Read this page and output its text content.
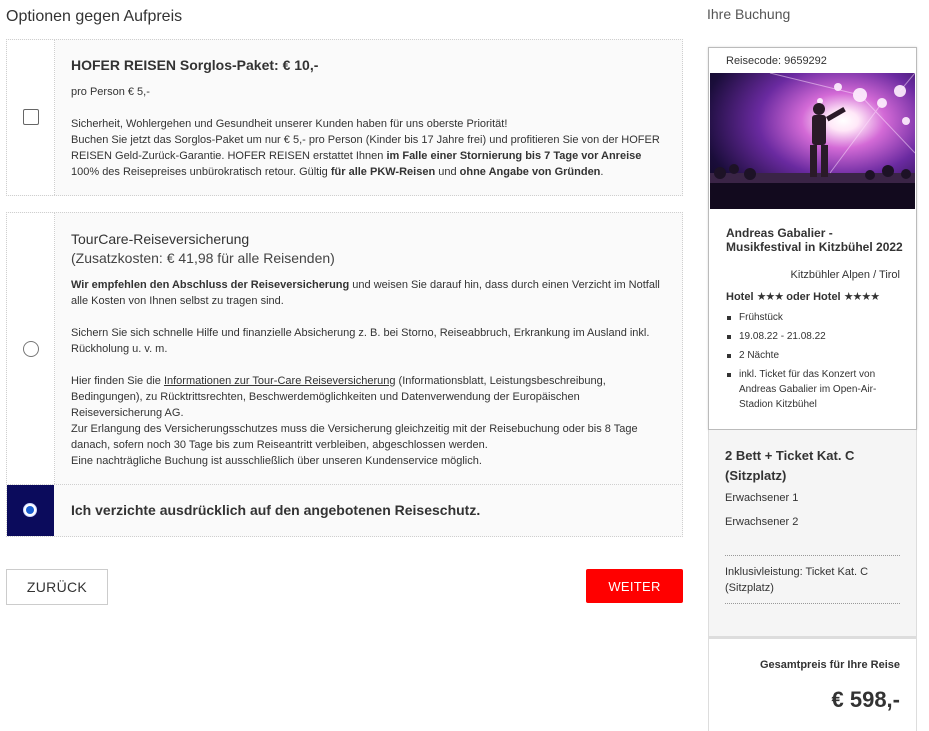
Optionen gegen Aufpreis
HOFER REISEN Sorglos-Paket: € 10,-
pro Person € 5,-
Sicherheit, Wohlergehen und Gesundheit unserer Kunden haben für uns oberste Priorität!
Buchen Sie jetzt das Sorglos-Paket um nur € 5,- pro Person (Kinder bis 17 Jahre frei) und profitieren Sie von der HOFER REISEN Geld-Zurück-Garantie. HOFER REISEN erstattet Ihnen im Falle einer Stornierung bis 7 Tage vor Anreise 100% des Reisepreises unbürokratisch retour. Gültig für alle PKW-Reisen und ohne Angabe von Gründen.
TourCare-Reiseversicherung
(Zusatzkosten: € 41,98 für alle Reisenden)
Wir empfehlen den Abschluss der Reiseversicherung und weisen Sie darauf hin, dass durch einen Verzicht im Notfall alle Kosten von Ihnen selbst zu tragen sind.
Sichern Sie sich schnelle Hilfe und finanzielle Absicherung z. B. bei Storno, Reiseabbruch, Erkrankung im Ausland inkl. Rückholung u. v. m.
Hier finden Sie die Informationen zur Tour-Care Reiseversicherung (Informationsblatt, Leistungsbeschreibung, Bedingungen), zu Rücktrittsrechten, Beschwerdemöglichkeiten und Datenverwendung der Europäischen Reiseversicherung AG.
Zur Erlangung des Versicherungsschutzes muss die Versicherung gleichzeitig mit der Reisebuchung oder bis 8 Tage danach, sofern noch 30 Tage bis zum Reiseantritt verbleiben, abgeschlossen werden.
Eine nachträgliche Buchung ist ausschließlich über unseren Kundenservice möglich.
Ich verzichte ausdrücklich auf den angebotenen Reiseschutz.
ZURÜCK	WEITER
Ihre Buchung
Reisecode: 9659292
Andreas Gabalier - Musikfestival in Kitzbühel 2022
Kitzbühler Alpen / Tirol
Hotel ★★★ oder Hotel ★★★★
Frühstück
19.08.22 - 21.08.22
2 Nächte
inkl. Ticket für das Konzert von Andreas Gabalier im Open-Air-Stadion Kitzbühel
2 Bett + Ticket Kat. C (Sitzplatz)
Erwachsener 1
Erwachsener 2
Inklusivleistung: Ticket Kat. C (Sitzplatz)
Gesamtpreis für Ihre Reise
€ 598,-
